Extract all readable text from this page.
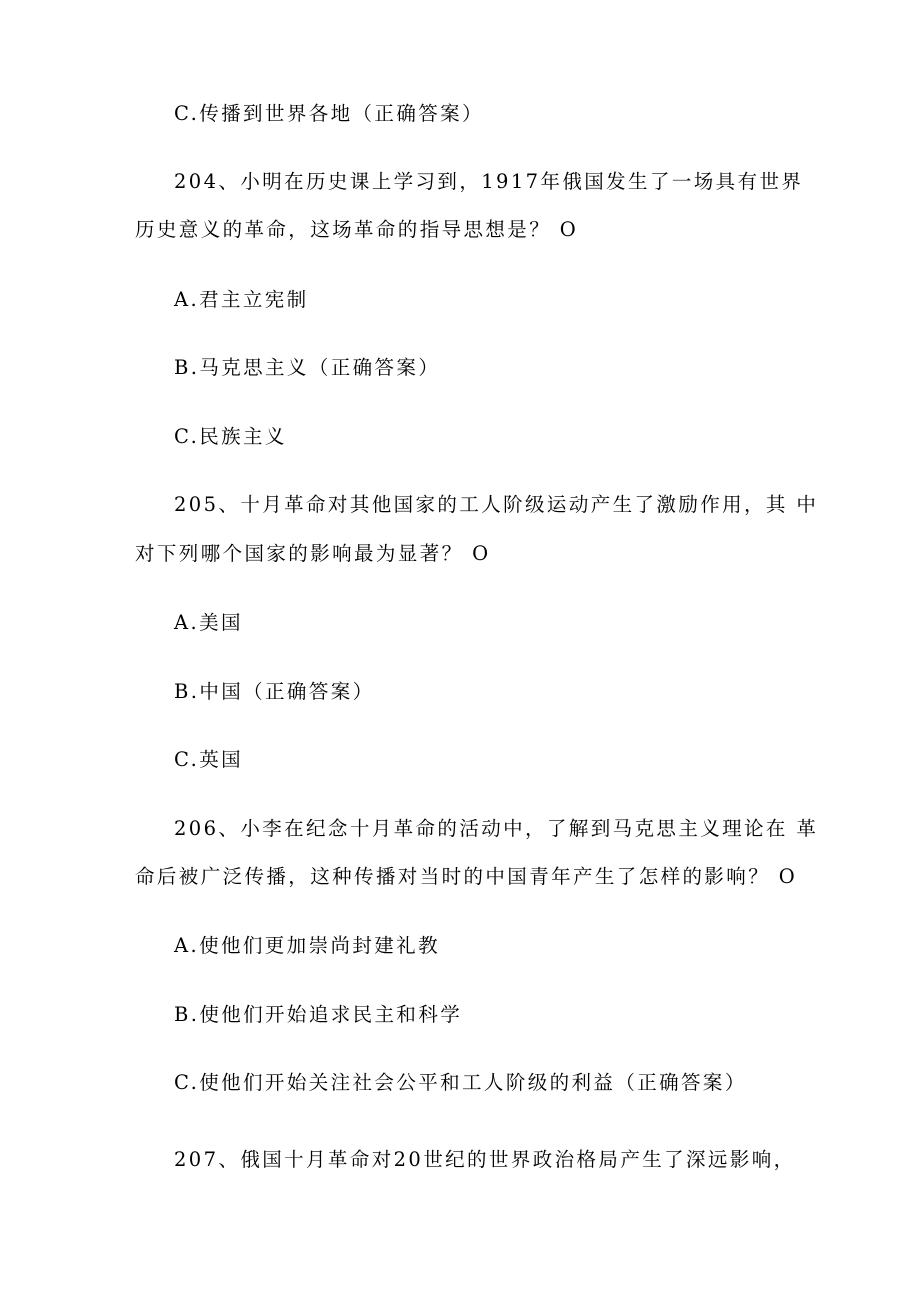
C.传播到世界各地（正确答案）
204、小明在历史课上学习到，1917年俄国发生了一场具有世界
历史意义的革命，这场革命的指导思想是？ O
A.君主立宪制
B.马克思主义（正确答案）
C.民族主义
205、十月革命对其他国家的工人阶级运动产生了激励作用，其 中
对下列哪个国家的影响最为显著？ O
A.美国
B.中国（正确答案）
C.英国
206、小李在纪念十月革命的活动中，了解到马克思主义理论在 革
命后被广泛传播，这种传播对当时的中国青年产生了怎样的影响？ O
A.使他们更加崇尚封建礼教
B.使他们开始追求民主和科学
C.使他们开始关注社会公平和工人阶级的利益（正确答案）
207、俄国十月革命对20世纪的世界政治格局产生了深远影响，
